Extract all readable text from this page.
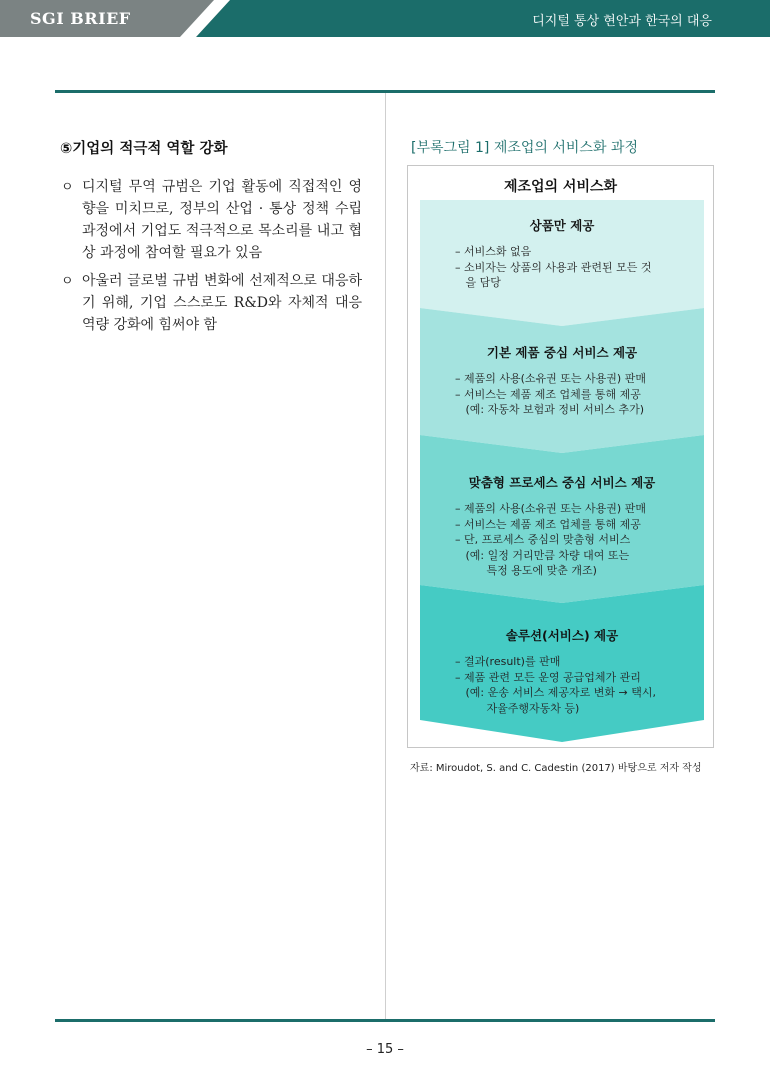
SGI BRIEF	디지털 통상 현안과 한국의 대응
⑤기업의 적극적 역할 강화
ㅇ 디지털 무역 규범은 기업 활동에 직접적인 영향을 미치므로, 정부의 산업 · 통상 정책 수립 과정에서 기업도 적극적으로 목소리를 내고 협상 과정에 참여할 필요가 있음
ㅇ 아울러 글로벌 규범 변화에 선제적으로 대응하기 위해, 기업 스스로도 R&D와 자체적 대응 역량 강화에 힘써야 함
[부록그림 1] 제조업의 서비스화 과정
제조업의 서비스화
상품만 제공
– 서비스화 없음
– 소비자는 상품의 사용과 관련된 모든 것
을 담당
기본 제품 중심 서비스 제공
– 제품의 사용(소유권 또는 사용권) 판매
– 서비스는 제품 제조 업체를 통해 제공
(예: 자동차 보험과 정비 서비스 추가)
맞춤형 프로세스 중심 서비스 제공
– 제품의 사용(소유권 또는 사용권) 판매
– 서비스는 제품 제조 업체를 통해 제공
– 단, 프로세스 중심의 맞춤형 서비스
(예: 일정 거리만큼 차량 대여 또는
특정 용도에 맞춘 개조)
솔루션(서비스) 제공
– 결과(result)를 판매
– 제품 관련 모든 운영 공급업체가 관리
(예: 운송 서비스 제공자로 변화 → 택시,
자율주행자동차 등)
자료: Miroudot, S. and C. Cadestin (2017) 바탕으로 저자 작성
– 15 –
